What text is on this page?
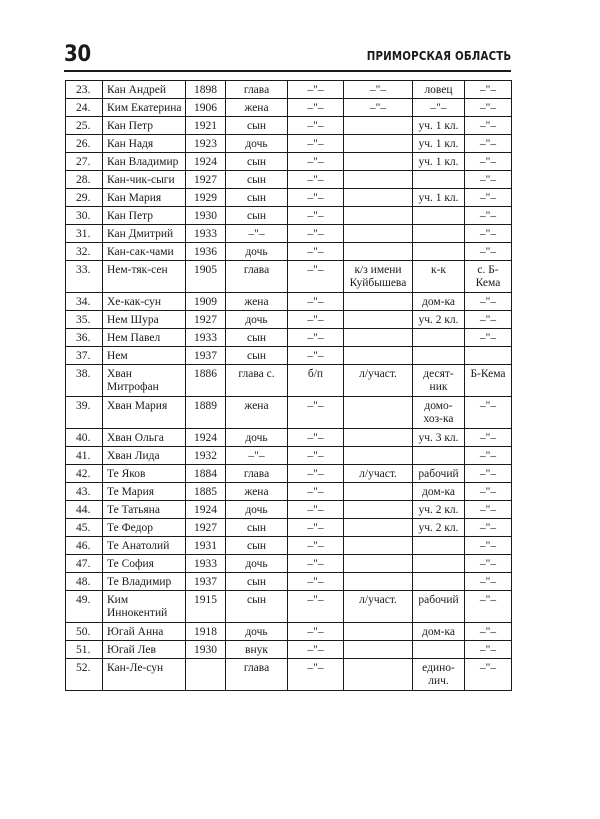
30	ПРИМОРСКАЯ ОБЛАСТЬ
23.	Кан Андрей	1898	глава	–"–	–"–	ловец	–"–
24.	Ким Екатерина	1906	жена	–"–	–"–	–"–	–"–
25.	Кан Петр	1921	сын	–"–		уч. 1 кл.	–"–
26.	Кан Надя	1923	дочь	–"–		уч. 1 кл.	–"–
27.	Кан Владимир	1924	сын	–"–		уч. 1 кл.	–"–
28.	Кан-чик-сыги	1927	сын	–"–			–"–
29.	Кан Мария	1929	сын	–"–		уч. 1 кл.	–"–
30.	Кан Петр	1930	сын	–"–			–"–
31.	Кан Дмитрий	1933	–"–	–"–			–"–
32.	Кан-сак-чами	1936	дочь	–"–			–"–
33.	Нем-тяк-сен	1905	глава	–"–	к/з имени Куйбышева	к-к	с. Б-Кема
34.	Хе-как-сун	1909	жена	–"–		дом-ка	–"–
35.	Нем Шура	1927	дочь	–"–		уч. 2 кл.	–"–
36.	Нем Павел	1933	сын	–"–			–"–
37.	Нем	1937	сын	–"–			
38.	Хван Митрофан	1886	глава с.	б/п	л/участ.	десят-ник	Б-Кема
39.	Хван Мария	1889	жена	–"–		домо-хоз-ка	–"–
40.	Хван Ольга	1924	дочь	–"–		уч. 3 кл.	–"–
41.	Хван Лида	1932	–"–	–"–			–"–
42.	Те Яков	1884	глава	–"–	л/участ.	рабочий	–"–
43.	Те Мария	1885	жена	–"–		дом-ка	–"–
44.	Те Татьяна	1924	дочь	–"–		уч. 2 кл.	–"–
45.	Те Федор	1927	сын	–"–		уч. 2 кл.	–"–
46.	Те Анатолий	1931	сын	–"–			–"–
47.	Те София	1933	дочь	–"–			–"–
48.	Те Владимир	1937	сын	–"–			–"–
49.	Ким Иннокентий	1915	сын	–"–	л/участ.	рабочий	–"–
50.	Югай Анна	1918	дочь	–"–		дом-ка	–"–
51.	Югай Лев	1930	внук	–"–			–"–
52.	Кан-Ле-сун		глава	–"–		едино-лич.	–"–
